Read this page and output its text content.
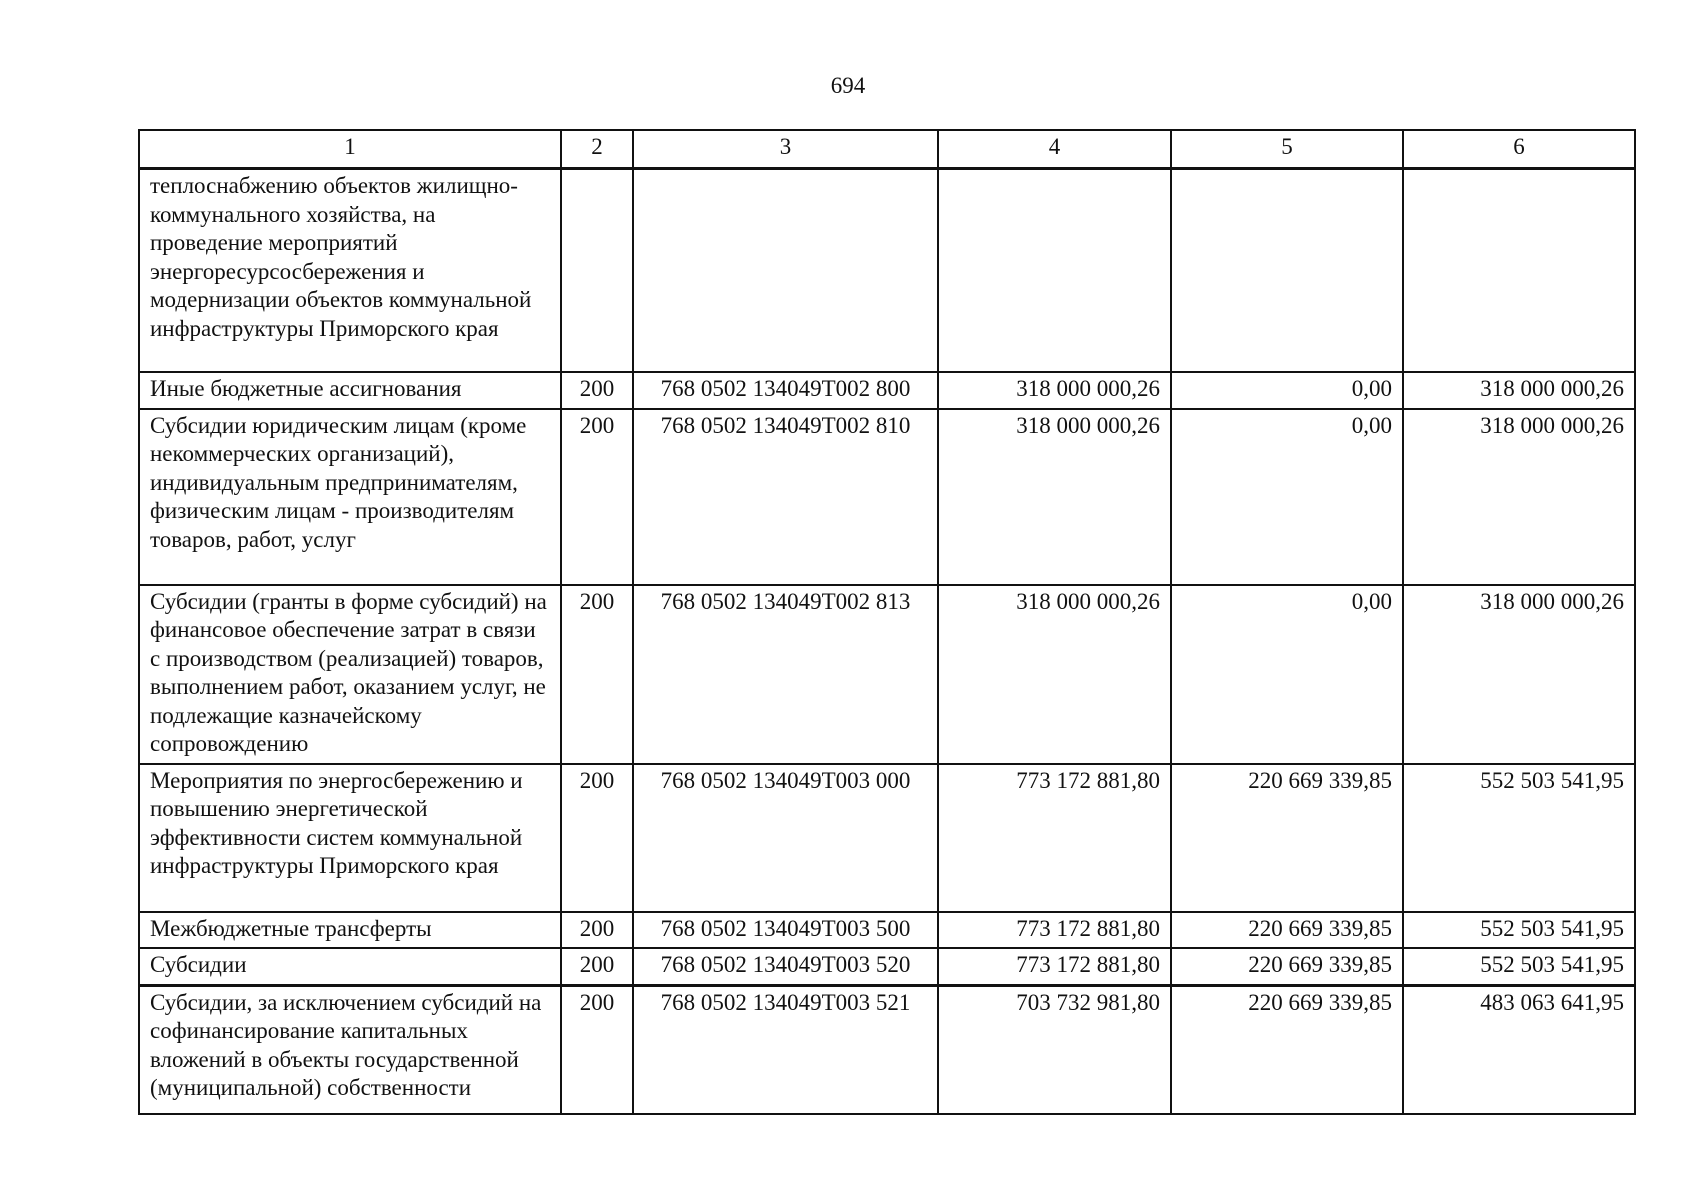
694
1	2	3	4	5	6
теплоснабжению объектов жилищно-коммунального хозяйства, на проведение мероприятий энергоресурсосбережения и модернизации объектов коммунальной инфраструктуры Приморского края					
Иные бюджетные ассигнования	200	768 0502 134049Т002 800	318 000 000,26	0,00	318 000 000,26
Субсидии юридическим лицам (кроме некоммерческих организаций), индивидуальным предпринимателям, физическим лицам - производителям товаров, работ, услуг	200	768 0502 134049Т002 810	318 000 000,26	0,00	318 000 000,26
Субсидии (гранты в форме субсидий) на финансовое обеспечение затрат в связи с производством (реализацией) товаров, выполнением работ, оказанием услуг, не подлежащие казначейскому сопровождению	200	768 0502 134049Т002 813	318 000 000,26	0,00	318 000 000,26
Мероприятия по энергосбережению и повышению энергетической эффективности систем коммунальной инфраструктуры Приморского края	200	768 0502 134049Т003 000	773 172 881,80	220 669 339,85	552 503 541,95
Межбюджетные трансферты	200	768 0502 134049Т003 500	773 172 881,80	220 669 339,85	552 503 541,95
Субсидии	200	768 0502 134049Т003 520	773 172 881,80	220 669 339,85	552 503 541,95
Субсидии, за исключением субсидий на софинансирование капитальных вложений в объекты государственной (муниципальной) собственности	200	768 0502 134049Т003 521	703 732 981,80	220 669 339,85	483 063 641,95
